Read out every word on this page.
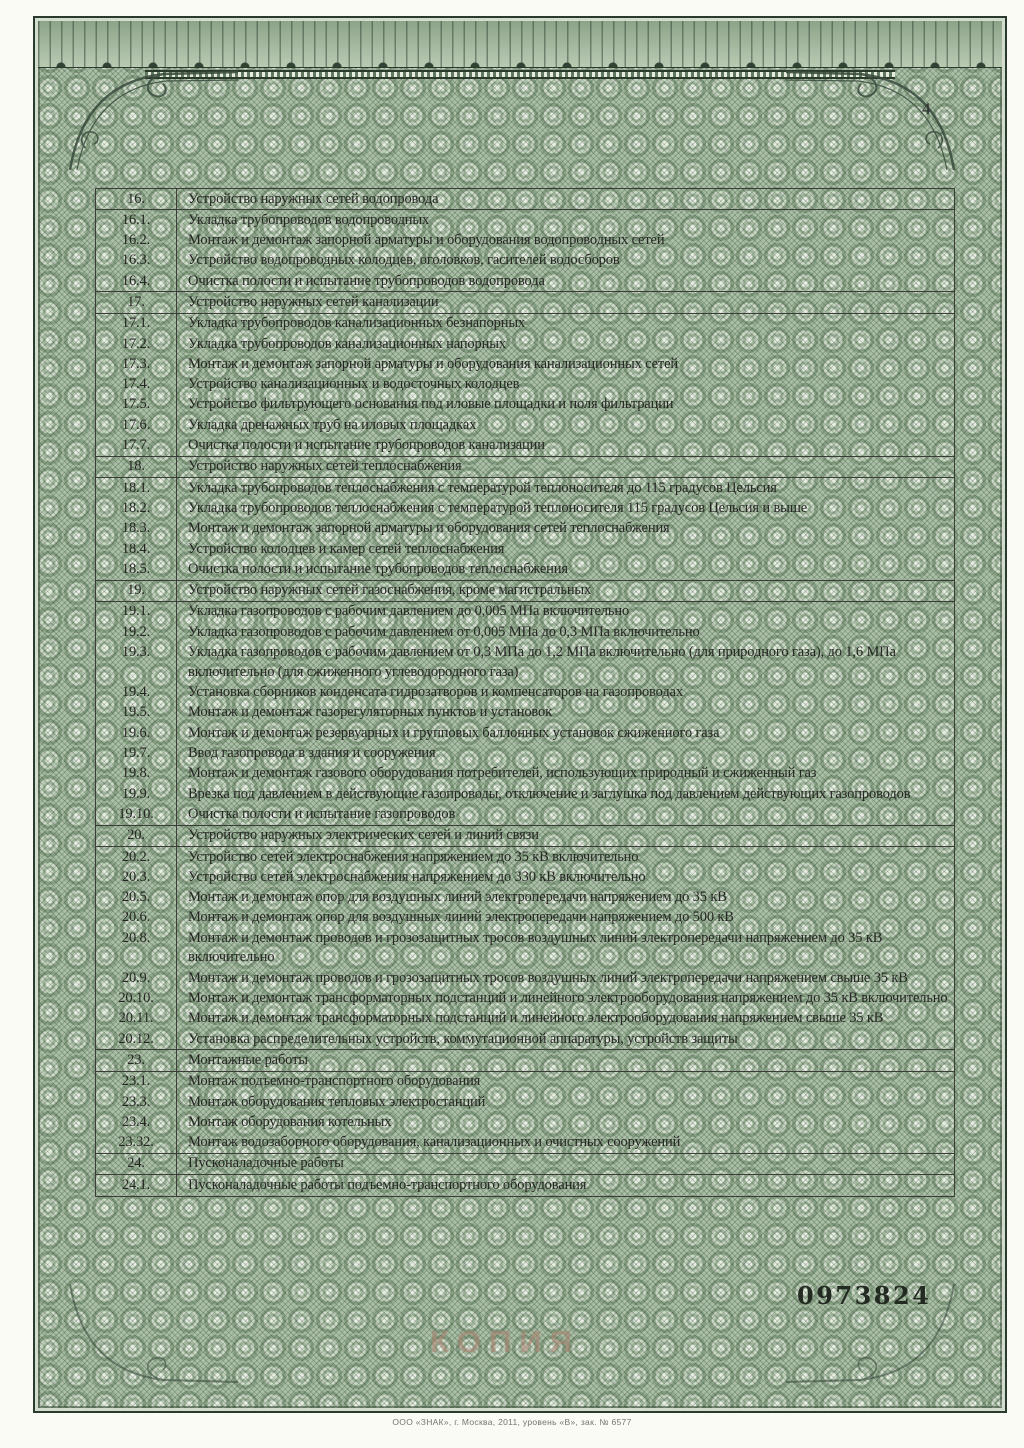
4
16.	Устройство наружных сетей водопровода
16.1.	Укладка трубопроводов водопроводных
16.2.	Монтаж и демонтаж запорной арматуры и оборудования водопроводных сетей
16.3.	Устройство водопроводных колодцев, оголовков, гасителей водосборов
16.4.	Очистка полости и испытание трубопроводов водопровода
17.	Устройство наружных сетей канализации
17.1.	Укладка трубопроводов канализационных безнапорных
17.2.	Укладка трубопроводов канализационных напорных
17.3.	Монтаж и демонтаж запорной арматуры и оборудования канализационных сетей
17.4.	Устройство канализационных и водосточных колодцев
17.5.	Устройство фильтрующего основания под иловые площадки и поля фильтрации
17.6.	Укладка дренажных труб на иловых площадках
17.7.	Очистка полости и испытание трубопроводов канализации
18.	Устройство наружных сетей теплоснабжения
18.1.	Укладка трубопроводов теплоснабжения с температурой теплоносителя до 115 градусов Цельсия
18.2.	Укладка трубопроводов теплоснабжения с температурой теплоносителя 115 градусов Цельсия и выше
18.3.	Монтаж и демонтаж запорной арматуры и оборудования сетей теплоснабжения
18.4.	Устройство колодцев и камер сетей теплоснабжения
18.5.	Очистка полости и испытание трубопроводов теплоснабжения
19.	Устройство наружных сетей газоснабжения, кроме магистральных
19.1.	Укладка газопроводов с рабочим давлением до 0,005 МПа включительно
19.2.	Укладка газопроводов с рабочим давлением от 0,005 МПа до 0,3 МПа включительно
19.3.	Укладка газопроводов с рабочим давлением от 0,3 МПа до 1,2 МПа включительно (для природного газа), до 1,6 МПа включительно (для сжиженного углеводородного газа)
19.4.	Установка сборников конденсата гидрозатворов и компенсаторов на газопроводах
19.5.	Монтаж и демонтаж газорегуляторных пунктов и установок
19.6.	Монтаж и демонтаж резервуарных и групповых баллонных установок сжиженного газа
19.7.	Ввод газопровода в здания и сооружения
19.8.	Монтаж и демонтаж газового оборудования потребителей, использующих природный и сжиженный газ
19.9.	Врезка под давлением в действующие газопроводы, отключение и заглушка под давлением действующих газопроводов
19.10.	Очистка полости и испытание газопроводов
20.	Устройство наружных электрических сетей и линий связи
20.2.	Устройство сетей электроснабжения напряжением до 35 кВ включительно
20.3.	Устройство сетей электроснабжения напряжением до 330 кВ включительно
20.5.	Монтаж и демонтаж опор для воздушных линий электропередачи напряжением до 35 кВ
20.6.	Монтаж и демонтаж опор для воздушных линий электропередачи напряжением до 500 кВ
20.8.	Монтаж и демонтаж проводов и грозозащитных тросов воздушных линий электропередачи напряжением до 35 кВ включительно
20.9.	Монтаж и демонтаж проводов и грозозащитных тросов воздушных линий электропередачи напряжением свыше 35 кВ
20.10.	Монтаж и демонтаж трансформаторных подстанций и линейного электрооборудования напряжением до 35 кВ включительно
20.11.	Монтаж и демонтаж трансформаторных подстанций и линейного электрооборудования напряжением свыше 35 кВ
20.12.	Установка распределительных устройств, коммутационной аппаратуры, устройств защиты
23.	Монтажные работы
23.1.	Монтаж подъемно-транспортного оборудования
23.3.	Монтаж оборудования тепловых электростанций
23.4.	Монтаж оборудования котельных
23.32.	Монтаж водозаборного оборудования, канализационных и очистных сооружений
24.	Пусконаладочные работы
24.1.	Пусконаладочные работы подъемно-транспортного оборудования
0973824
КОПИЯ
ООО «ЗНАК», г. Москва, 2011, уровень «В», зак. № 6577
